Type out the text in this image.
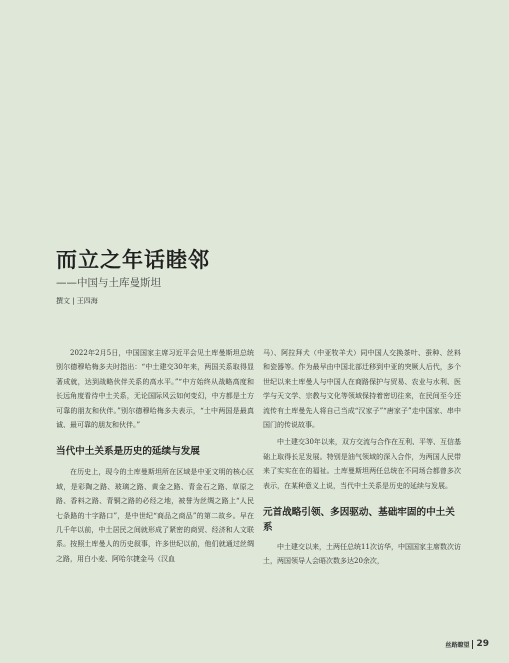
而立之年话睦邻
——中国与土库曼斯坦
撰文 | 王四海

2022年2月5日，中国国家主席习近平会见土库曼斯坦总统别尔德穆哈梅多夫时指出：“中土建交30年来，两国关系取得显著成就，达到战略伙伴关系的高水平。”“中方始终从战略高度和长远角度看待中土关系，无论国际风云如何变幻，中方都是土方可靠的朋友和伙伴。”别尔德穆哈梅多夫表示，“土中两国是最真诚、最可靠的朋友和伙伴。”

当代中土关系是历史的延续与发展

在历史上，现今的土库曼斯坦所在区域是中亚文明的核心区域，是彩陶之路、玻璃之路、黄金之路、青金石之路、草原之路、香料之路、青铜之路的必经之地，被誉为丝绸之路上“人民七条路的十字路口”，是中世纪“商品之商品”的第二故乡。早在几千年以前，中土居民之间就形成了紧密的商贸、经济和人文联系。按照土库曼人的历史叙事，许多世纪以前，他们就通过丝绸之路，用白小麦、阿哈尔捷金马（汉血

马）、阿拉拜犬（中亚牧羊犬）同中国人交换茶叶、蚕种、丝料和瓷器等。作为最早由中国北部迁移到中亚的突厥人后代，多个世纪以来土库曼人与中国人在商路保护与贸易、农业与水利、医学与天文学、宗教与文化等领域保持着密切往来，在民间至今还流传有土库曼先人将自己当成“汉家子”“唐家子”走中国家、串中国门的传说故事。

中土建交30年以来，双方交流与合作在互利、平等、互信基础上取得长足发展。特别是油气领域的深入合作，为两国人民带来了实实在在的福祉。土库曼斯坦两任总统在不同场合都曾多次表示，在某种意义上说，当代中土关系是历史的延续与发展。

元首战略引领、多因驱动、基础牢固的中土关系

中土建交以来，土两任总统11次访华，中国国家主席数次访土，两国领导人会晤次数多达20余次，

丝路瞭望 29
